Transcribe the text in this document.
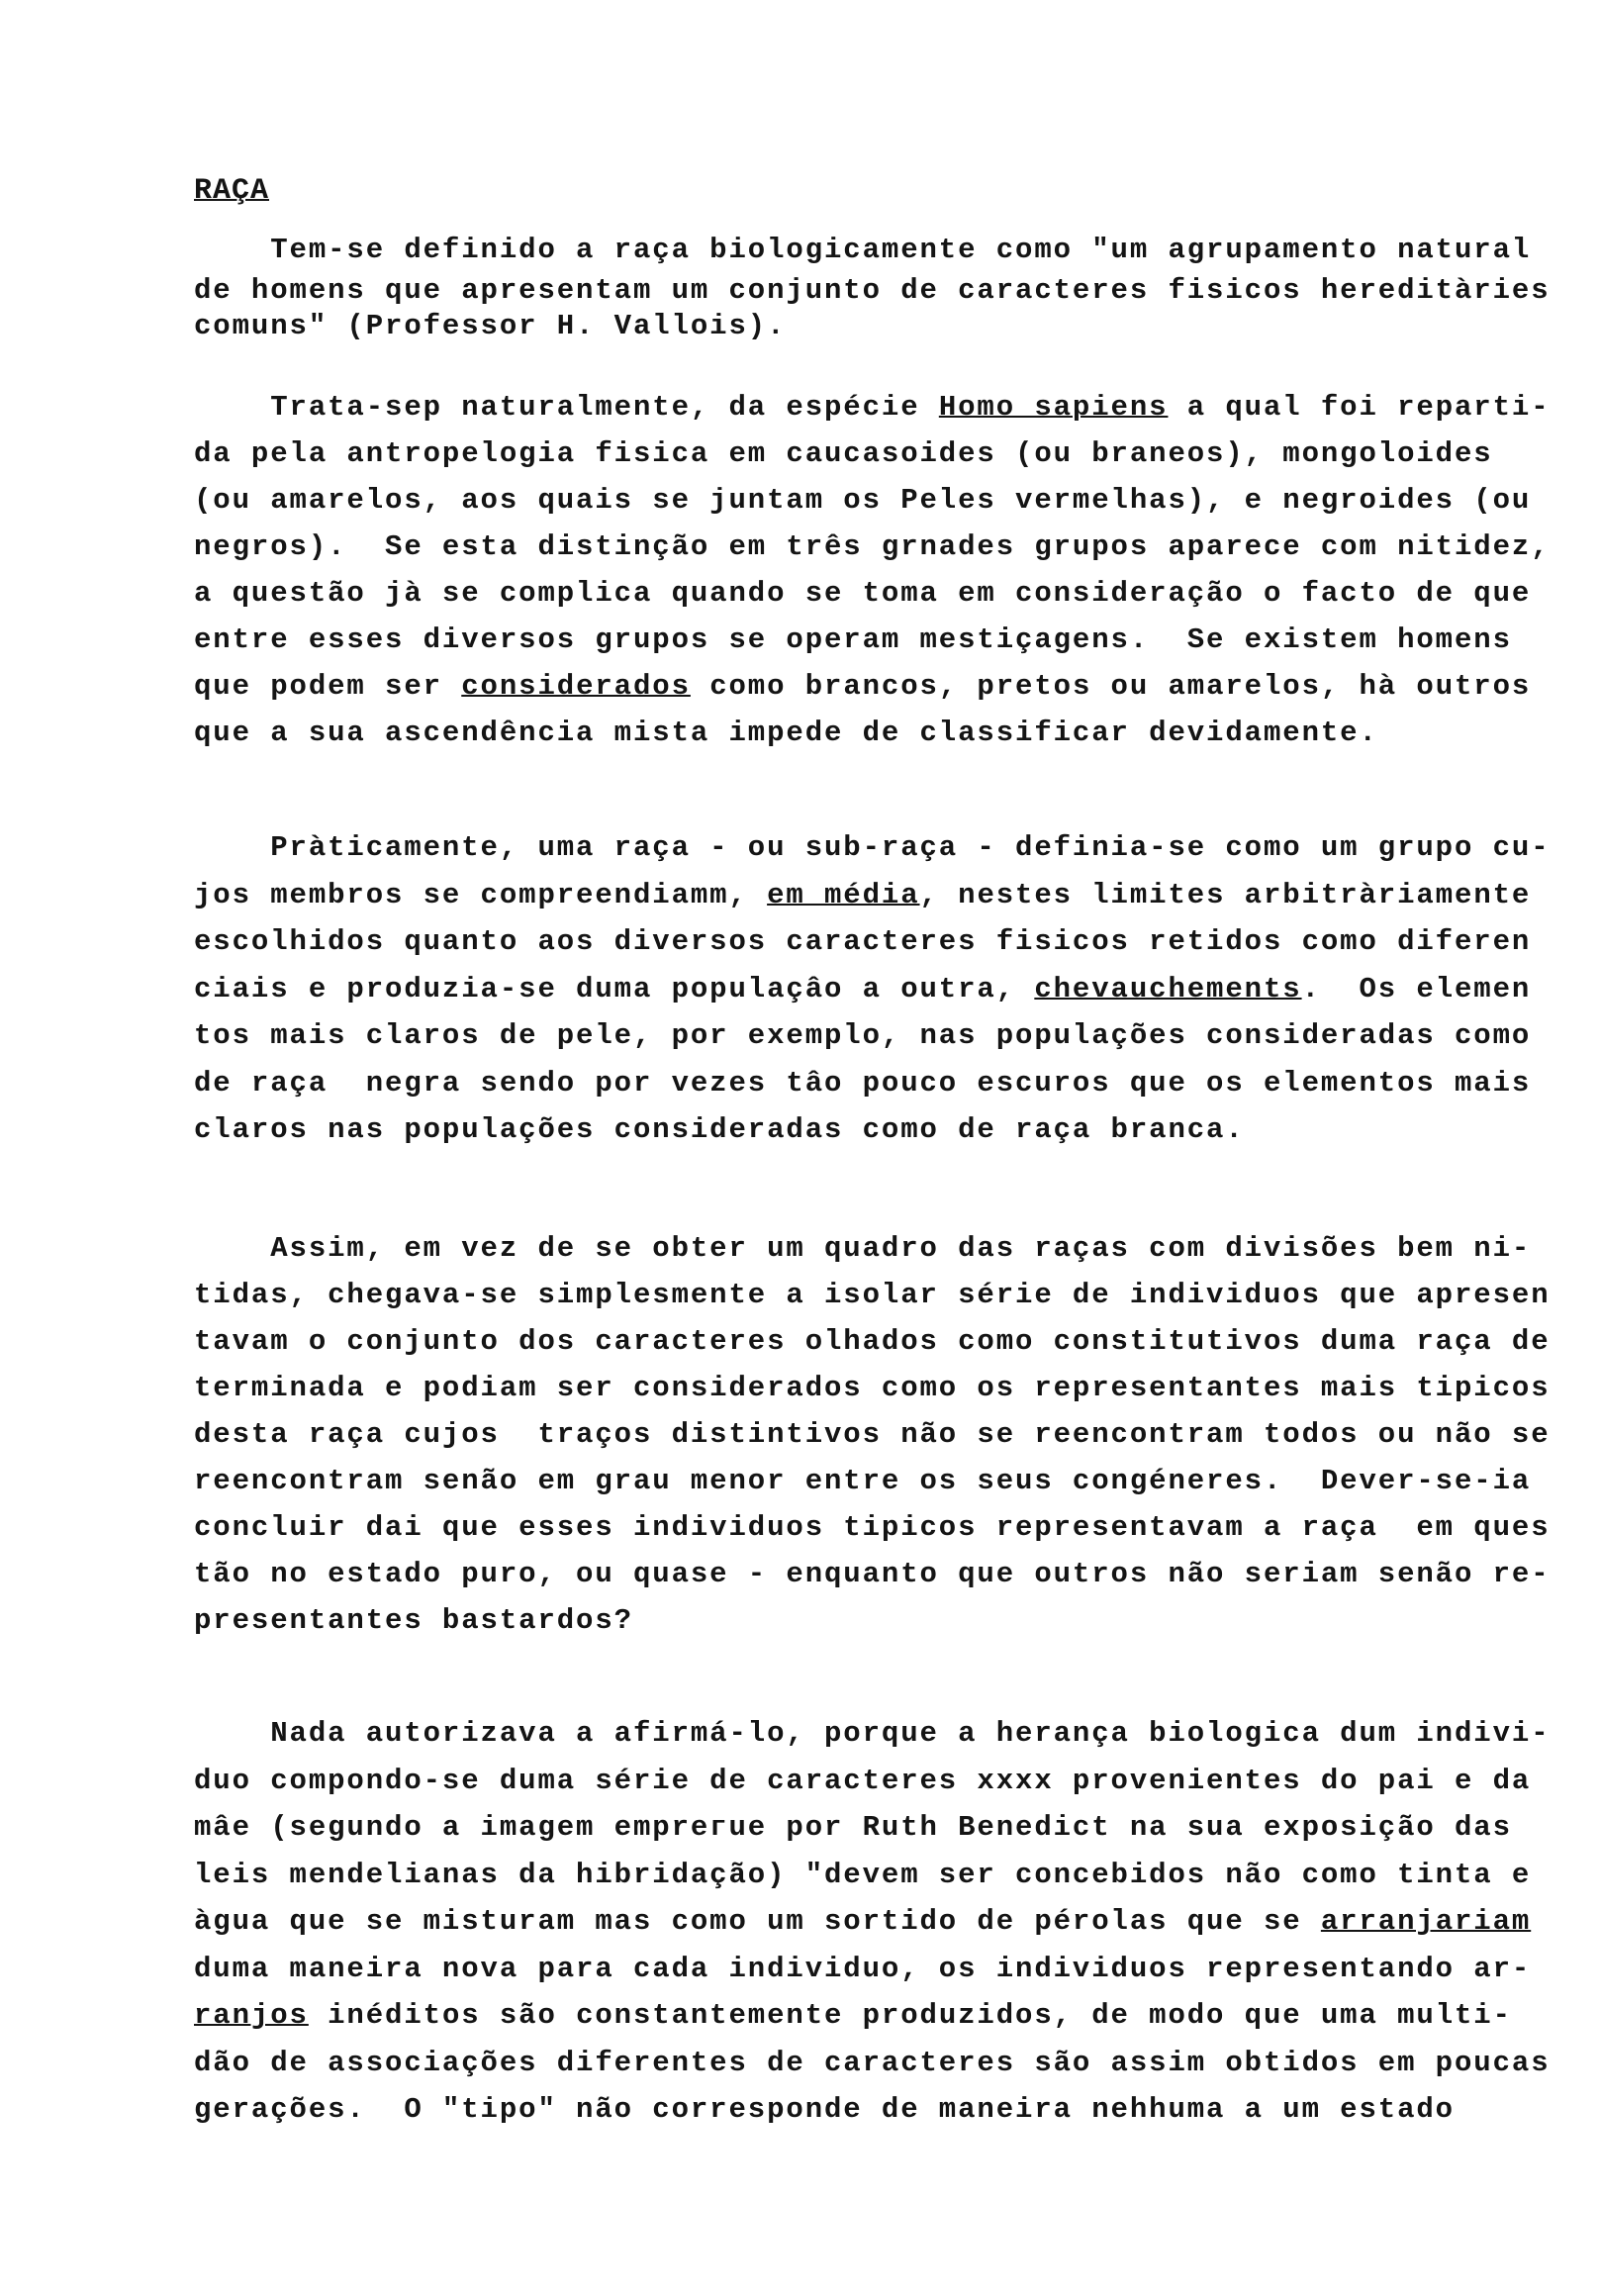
RAÇA
Tem-se definido a raça biologicamente como "um agrupamento natural
de homens que apresentam um conjunto de caracteres fisicos hereditàries
comuns" (Professor H. Vallois).
Trata-sep naturalmente, da espécie Homo sapiens a qual foi reparti-
da pela antropelogia fisica em caucasoides (ou braneos), mongoloides
(ou amarelos, aos quais se juntam os Peles vermelhas), e negroides (ou
negros).  Se esta distinção em três grnades grupos aparece com nitidez,
a questão jà se complica quando se toma em consideração o facto de que
entre esses diversos grupos se operam mestiçagens.  Se existem homens
que podem ser considerados como brancos, pretos ou amarelos, hà outros
que a sua ascendência mista impede de classificar devidamente.
Pràticamente, uma raça - ou sub-raça - definia-se como um grupo cu-
jos membros se compreendiamm, em média, nestes limites arbitràriamente
escolhidos quanto aos diversos caracteres fisicos retidos como diferen
ciais e produzia-se duma populaçâo a outra, chevauchements.  Os elemen
tos mais claros de pele, por exemplo, nas populações consideradas como
de raça  negra sendo por vezes tâo pouco escuros que os elementos mais
claros nas populações consideradas como de raça branca.
Assim, em vez de se obter um quadro das raças com divisões bem ni-
tidas, chegava-se simplesmente a isolar série de individuos que apresen
tavam o conjunto dos caracteres olhados como constitutivos duma raça de
terminada e podiam ser considerados como os representantes mais tipicos
desta raça cujos  traços distintivos não se reencontram todos ou não se
reencontram senão em grau menor entre os seus congéneres.  Dever-se-ia
concluir dai que esses individuos tipicos representavam a raça  em ques
tão no estado puro, ou quase - enquanto que outros não seriam senão re-
presentantes bastardos?
Nada autorizava a afirmá-lo, porque a herança biologica dum indivi-
duo compondo-se duma série de caracteres xxxx provenientes do pai e da
mâe (segundo a imagem emprегue por Ruth Benedict na sua exposição das
leis mendelianas da hibridação) "devem ser concebidos não como tinta e
àgua que se misturam mas como um sortido de pérolas que se arranjariam
duma maneira nova para cada individuo, os individuos representando ar-
ranjos inéditos são constantemente produzidos, de modo que uma multi-
dão de associações diferentes de caracteres são assim obtidos em poucas
gerações.  O "tipo" não corresponde de maneira nehhuma a um estado
